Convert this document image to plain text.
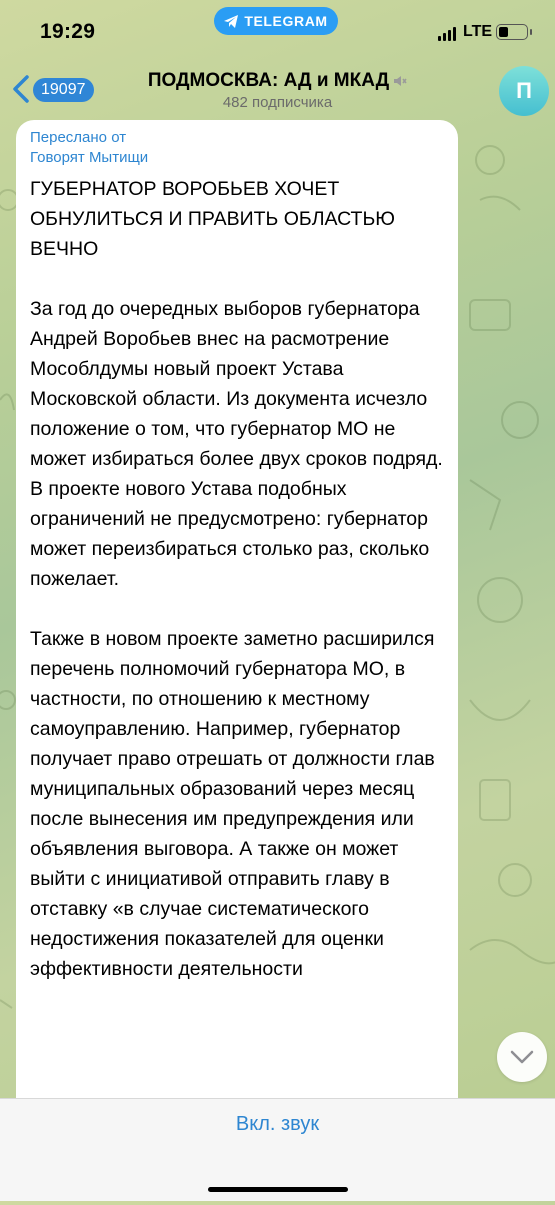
19:29	TELEGRAM
LTE
19097	ПОДМОСКВА: АД и МКАД
482 подписчика	П
Переслано от
Говорят Мытищи

ГУБЕРНАТОР ВОРОБЬЕВ ХОЧЕТ ОБНУЛИТЬСЯ И ПРАВИТЬ ОБЛАСТЬЮ ВЕЧНО

За год до очередных выборов губернатора Андрей Воробьев внес на расмотрение Мособлдумы новый проект Устава Московской области. Из документа исчезло положение о том, что губернатор МО не может избираться более двух сроков подряд. В проекте нового Устава подобных ограничений не предусмотрено: губернатор может переизбираться столько раз, сколько пожелает.

Также в новом проекте заметно расширился перечень полномочий губернатора МО, в частности, по отношению к местному самоуправлению. Например, губернатор получает право отрешать от должности глав муниципальных образований через месяц после вынесения им предупреждения или объявления выговора. А также он может выйти с инициативой отправить главу в отставку «в случае систематического недостижения показателей для оценки эффективности деятельности

Вкл. звук
